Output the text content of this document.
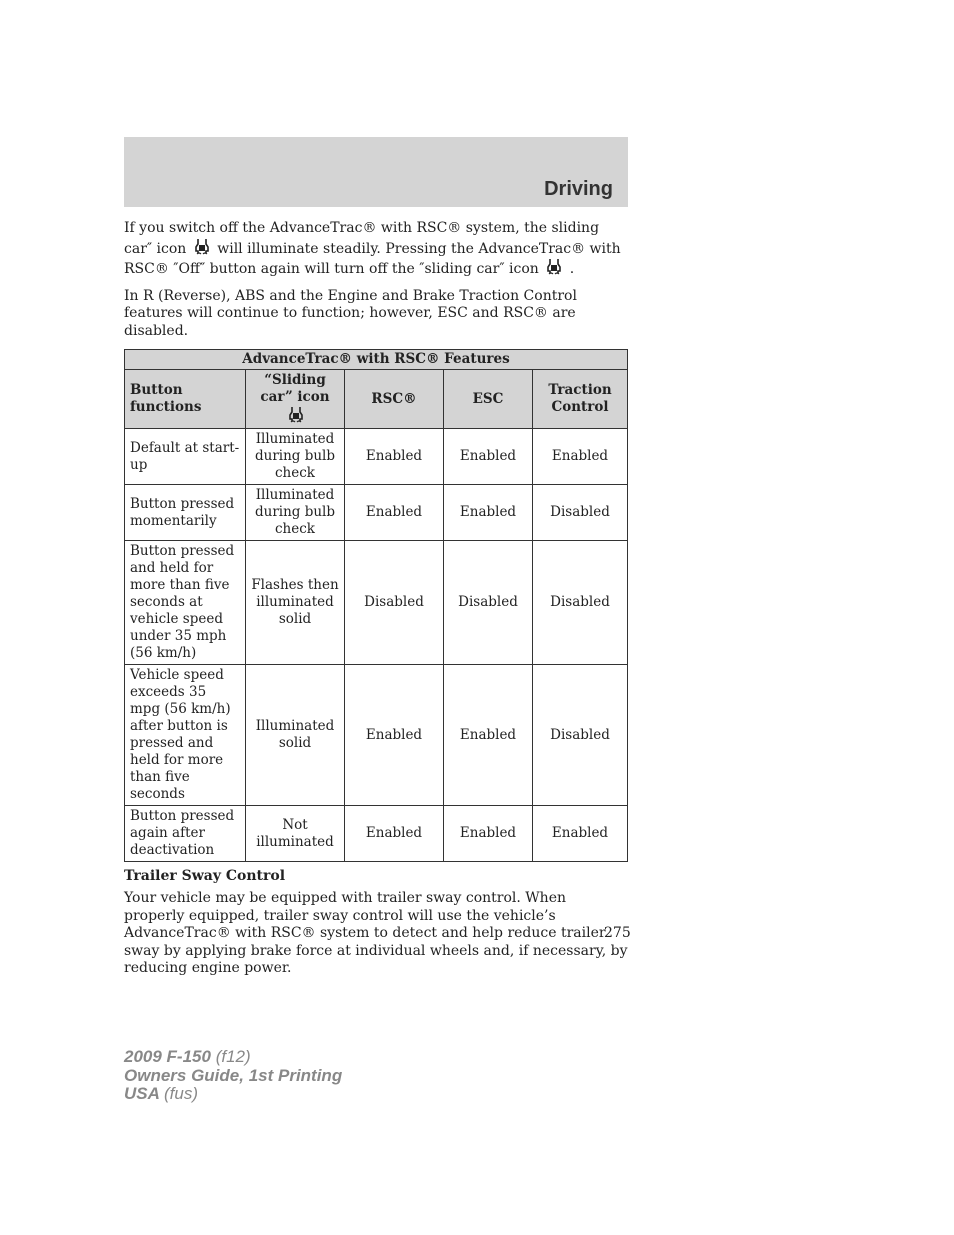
Driving

If you switch off the AdvanceTrac® with RSC® system, the sliding car″ icon will illuminate steadily. Pressing the AdvanceTrac® with RSC® ″Off″ button again will turn off the ″sliding car″ icon .

In R (Reverse), ABS and the Engine and Brake Traction Control features will continue to function; however, ESC and RSC® are disabled.

AdvanceTrac® with RSC® Features				
Button functions	“Sliding car” icon	RSC®	ESC	Traction Control
Default at start-up	Illuminated during bulb check	Enabled	Enabled	Enabled
Button pressed momentarily	Illuminated during bulb check	Enabled	Enabled	Disabled
Button pressed and held for more than five seconds at vehicle speed under 35 mph (56 km/h)	Flashes then illuminated solid	Disabled	Disabled	Disabled
Vehicle speed exceeds 35 mpg (56 km/h) after button is pressed and held for more than five seconds	Illuminated solid	Enabled	Enabled	Disabled
Button pressed again after deactivation	Not illuminated	Enabled	Enabled	Enabled
Trailer Sway Control

Your vehicle may be equipped with trailer sway control. When properly equipped, trailer sway control will use the vehicle’s AdvanceTrac® with RSC® system to detect and help reduce trailer sway by applying brake force at individual wheels and, if necessary, by reducing engine power.

275
2009 F-150 (f12)
Owners Guide, 1st Printing
USA (fus)
